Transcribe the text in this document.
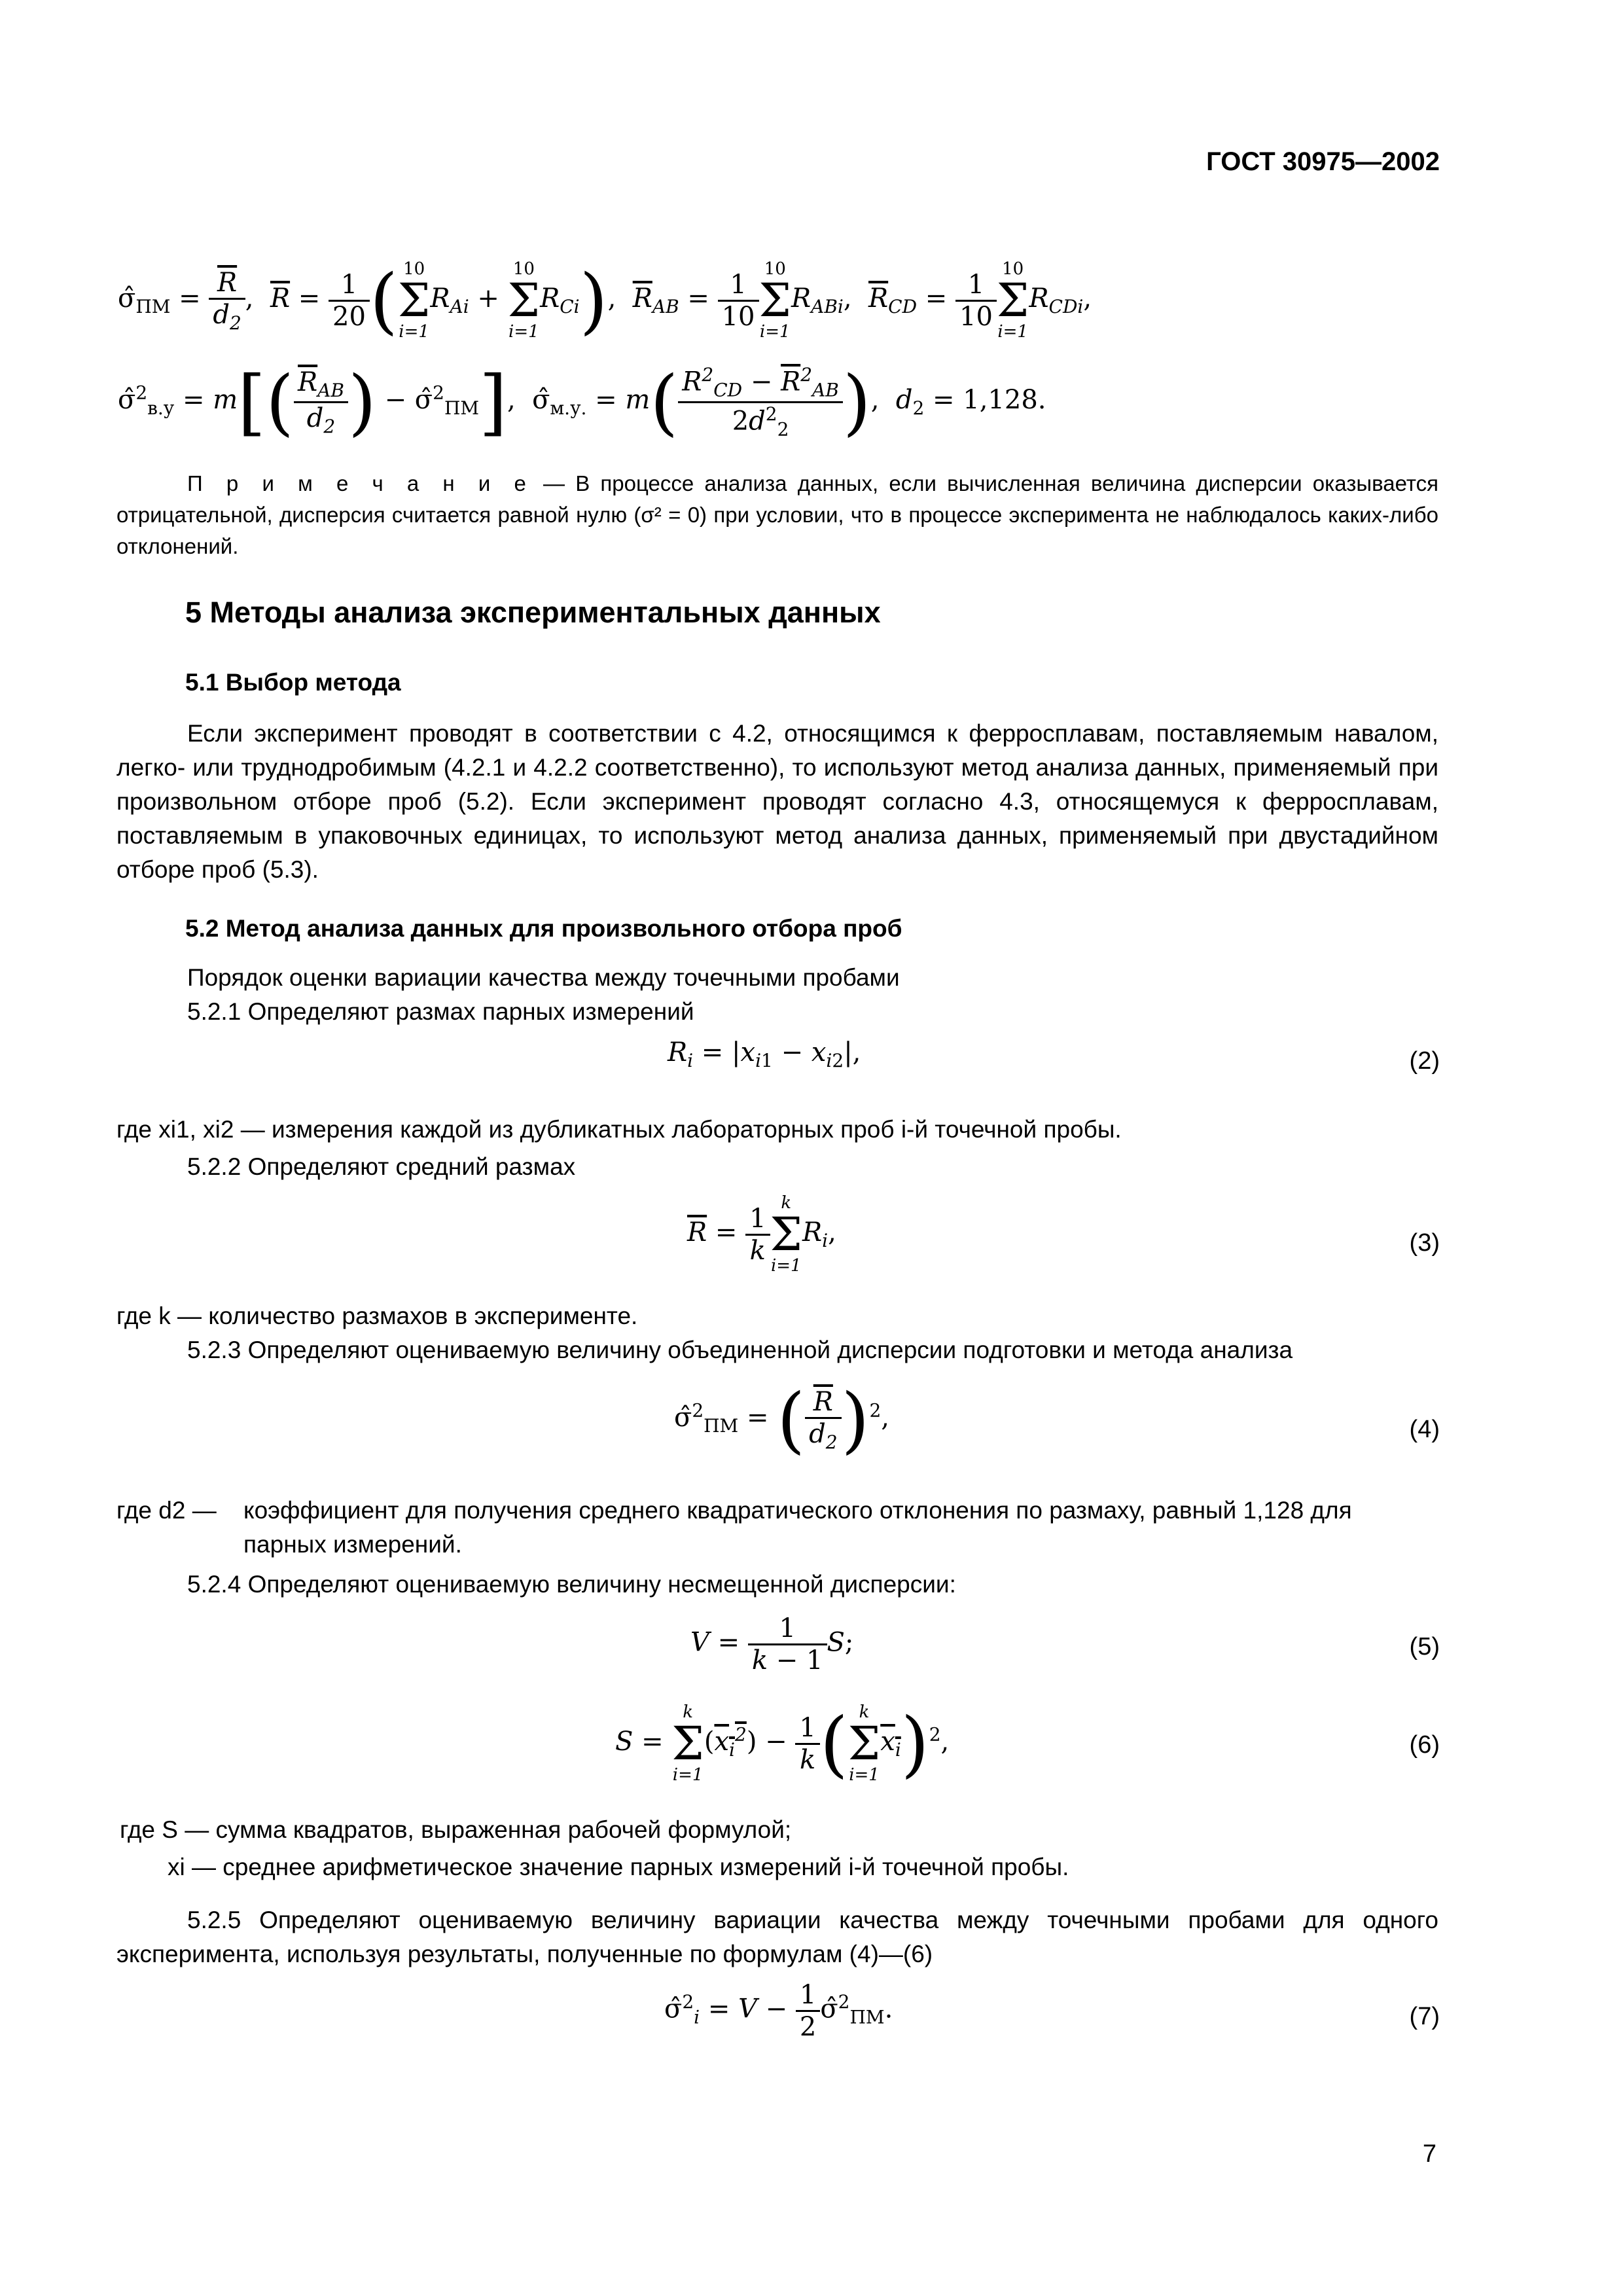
ГОСТ 30975—2002
$\sigmâ_{ПМ} = \frac{\overline{R}}{d_2}$ ,  $\overline{R} = \frac{1}{20}$ ( 10
Σ
i=1
$R_{Ai}$ +
10
Σ
i=1
$R_{Ci}$),  $\overline{R}_{AB} = \frac{1}{10}$
10
Σ
i=1
$R_{ABi}$,  $\overline{R}_{CD} = \frac{1}{10}$
10
Σ
i=1
$R_{CDi}$,
σ̂$^2_{в.у}$ = $m[( \frac{\overline{R}_{AB}}{d_2}$ ) − σ̂$^2_{ПМ}$],  $\sigmâ_{м.у.} = m( \frac{R^2_{CD} - \overline{R}^2_{AB}}{2d^2_2}$ ),  $d_2 = 1,128$.
П р и м е ч а н и е — В процессе анализа данных, если вычисленная величина дисперсии оказывается отрицательной, дисперсия считается равной нулю (σ² = 0) при условии, что в процессе эксперимента не наблюдалось каких-либо отклонений.
5 Методы анализа экспериментальных данных
5.1 Выбор метода
Если эксперимент проводят в соответствии с 4.2, относящимся к ферросплавам, поставляемым навалом, легко- или труднодробимым (4.2.1 и 4.2.2 соответственно), то используют метод анализа данных, применяемый при произвольном отборе проб (5.2). Если эксперимент проводят согласно 4.3, относящемуся к ферросплавам, поставляемым в упаковочных единицах, то используют метод анализа данных, применяемый при двустадийном отборе проб (5.3).
5.2 Метод анализа данных для произвольного отбора проб
Порядок оценки вариации качества между точечными пробами
5.2.1 Определяют размах парных измерений
$R_i = |x_{i1} - x_{i2}|$,	(2)
где xi1, xi2 — измерения каждой из дубликатных лабораторных проб i-й точечной пробы.
5.2.2 Определяют средний размах
$\overline{R} = \frac{1}{k}$
k
Σ
i=1
$R_i$,	(3)
где k — количество размахов в эксперименте.
5.2.3 Определяют оцениваемую величину объединенной дисперсии подготовки и метода анализа
σ̂$^2_{ПМ}$ = ( $\frac{\overline{R}}{d_2} )^2$,	(4)
где d2 — коэффициент для получения среднего квадратического отклонения по размаху, равный 1,128 для парных измерений.
5.2.4 Определяют оцениваемую величину несмещенной дисперсии:
$V = \frac{1}{k - 1} S$;	(5)
S =
k
Σ
i=1
$(x_i^2) - \frac{1}{k}$ ( k
Σ
i=1
$x_i)^2$,	(6)
где S — сумма квадратов, выраженная рабочей формулой;
xi — среднее арифметическое значение парных измерений i-й точечной пробы.
5.2.5 Определяют оцениваемую величину вариации качества между точечными пробами для одного эксперимента, используя результаты, полученные по формулам (4)—(6)
σ̂$^2_i$ = $V - \frac{1}{2}$ σ̂$^2_{ПМ}$.	(7)
7
